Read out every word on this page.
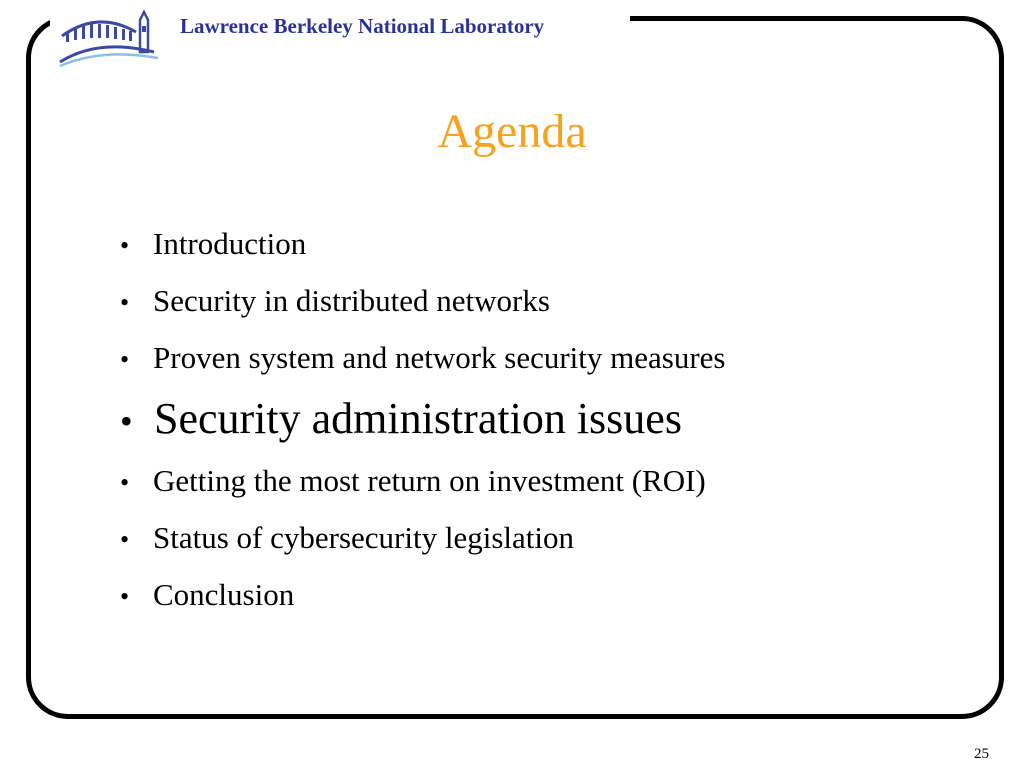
Lawrence Berkeley National Laboratory
Agenda
• Introduction
• Security in distributed networks
• Proven system and network security measures
• Security administration issues
• Getting the most return on investment (ROI)
• Status of cybersecurity legislation
• Conclusion
25
